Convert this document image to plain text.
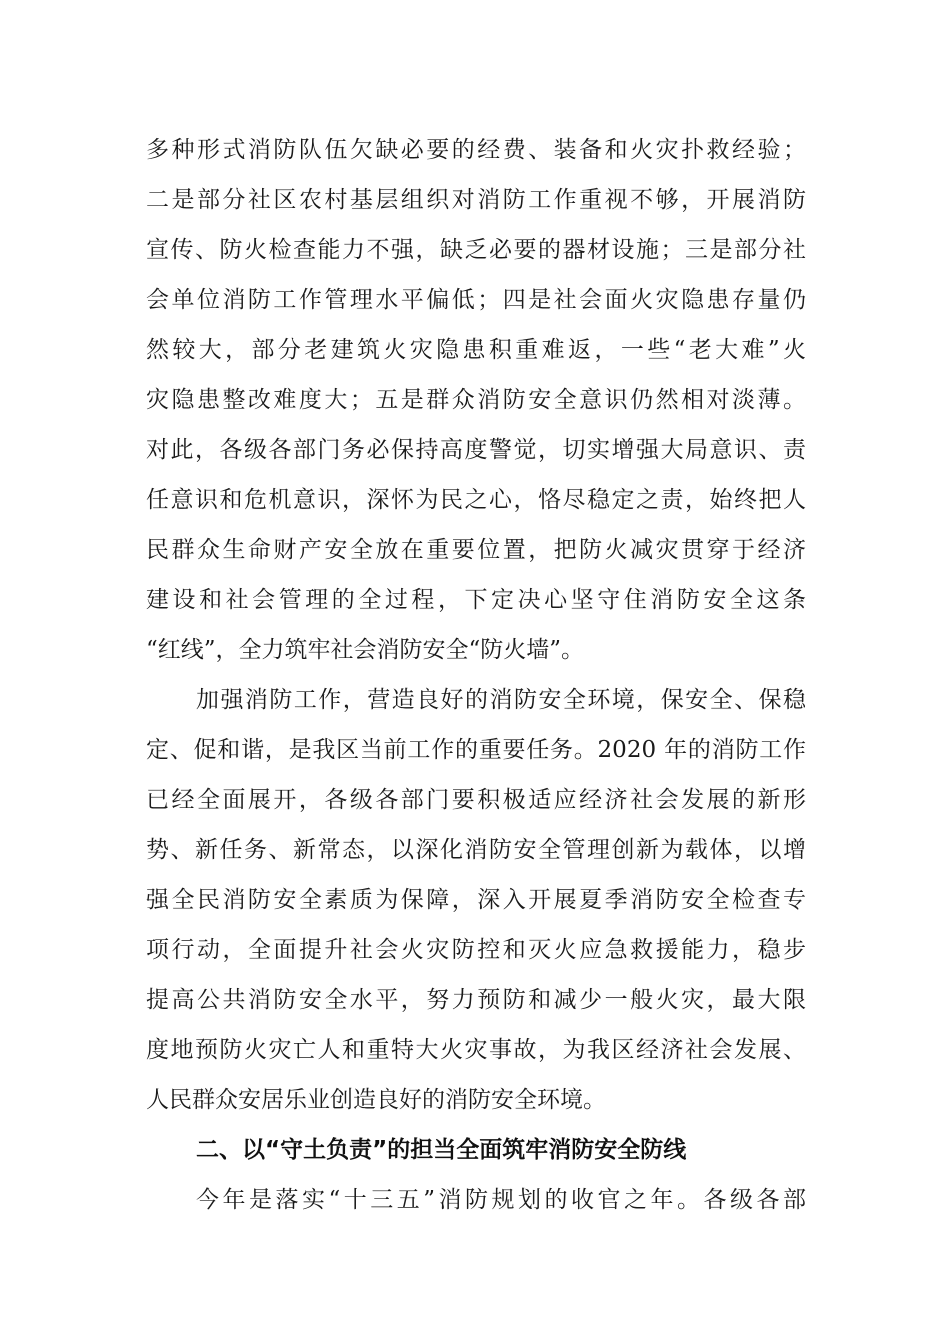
多种形式消防队伍欠缺必要的经费、装备和火灾扑救经验；
二是部分社区农村基层组织对消防工作重视不够，开展消防
宣传、防火检查能力不强，缺乏必要的器材设施；三是部分社
会单位消防工作管理水平偏低；四是社会面火灾隐患存量仍
然较大，部分老建筑火灾隐患积重难返，一些“老大难”火
灾隐患整改难度大；五是群众消防安全意识仍然相对淡薄。
对此，各级各部门务必保持高度警觉，切实增强大局意识、责
任意识和危机意识，深怀为民之心，恪尽稳定之责，始终把人
民群众生命财产安全放在重要位置，把防火减灾贯穿于经济
建设和社会管理的全过程，下定决心坚守住消防安全这条
“红线”，全力筑牢社会消防安全“防火墙”。
加强消防工作，营造良好的消防安全环境，保安全、保稳
定、促和谐，是我区当前工作的重要任务。2020 年的消防工作
已经全面展开，各级各部门要积极适应经济社会发展的新形
势、新任务、新常态，以深化消防安全管理创新为载体，以增
强全民消防安全素质为保障，深入开展夏季消防安全检查专
项行动，全面提升社会火灾防控和灭火应急救援能力，稳步
提高公共消防安全水平，努力预防和减少一般火灾，最大限
度地预防火灾亡人和重特大火灾事故，为我区经济社会发展、
人民群众安居乐业创造良好的消防安全环境。
二、以“守土负责”的担当全面筑牢消防安全防线
今年是落实“十三五”消防规划的收官之年。各级各部
